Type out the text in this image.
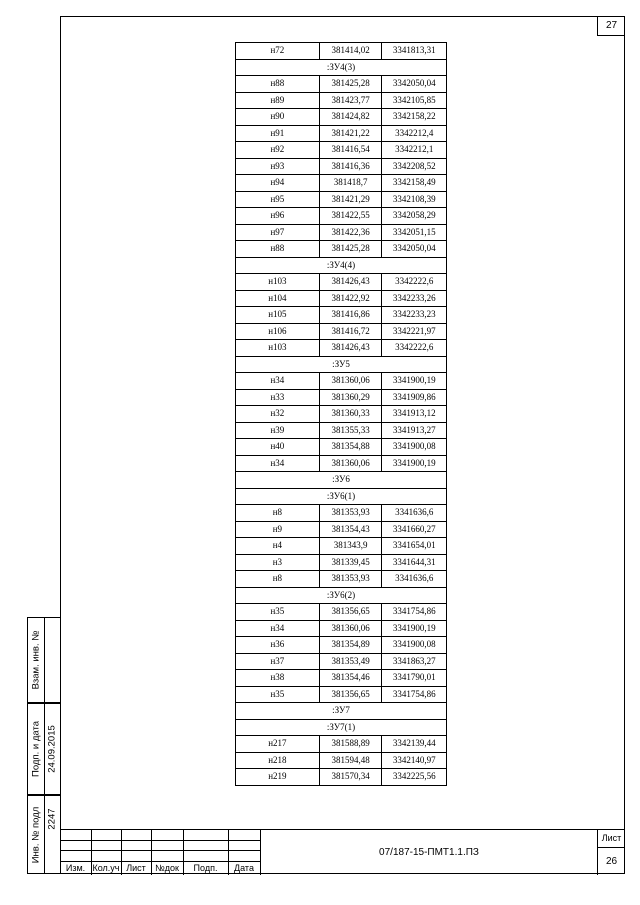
27
н72	381414,02	3341813,31
:ЗУ4(3)		
н88	381425,28	3342050,04
н89	381423,77	3342105,85
н90	381424,82	3342158,22
н91	381421,22	3342212,4
н92	381416,54	3342212,1
н93	381416,36	3342208,52
н94	381418,7	3342158,49
н95	381421,29	3342108,39
н96	381422,55	3342058,29
н97	381422,36	3342051,15
н88	381425,28	3342050,04
:ЗУ4(4)		
н103	381426,43	3342222,6
н104	381422,92	3342233,26
н105	381416,86	3342233,23
н106	381416,72	3342221,97
н103	381426,43	3342222,6
:ЗУ5		
н34	381360,06	3341900,19
н33	381360,29	3341909,86
н32	381360,33	3341913,12
н39	381355,33	3341913,27
н40	381354,88	3341900,08
н34	381360,06	3341900,19
:ЗУ6		
:ЗУ6(1)		
н8	381353,93	3341636,6
н9	381354,43	3341660,27
н4	381343,9	3341654,01
н3	381339,45	3341644,31
н8	381353,93	3341636,6
:ЗУ6(2)		
н35	381356,65	3341754,86
н34	381360,06	3341900,19
н36	381354,89	3341900,08
н37	381353,49	3341863,27
н38	381354,46	3341790,01
н35	381356,65	3341754,86
:ЗУ7		
:ЗУ7(1)		
н217	381588,89	3342139,44
н218	381594,48	3342140,97
н219	381570,34	3342225,56
Взам. инв. №
Подп. и дата 24.09.2015
Инв. № подл 2247
Изм. Кол.уч Лист	№док	Подп.	Дата
07/187-15-ПМТ1.1.ПЗ
Лист
26
